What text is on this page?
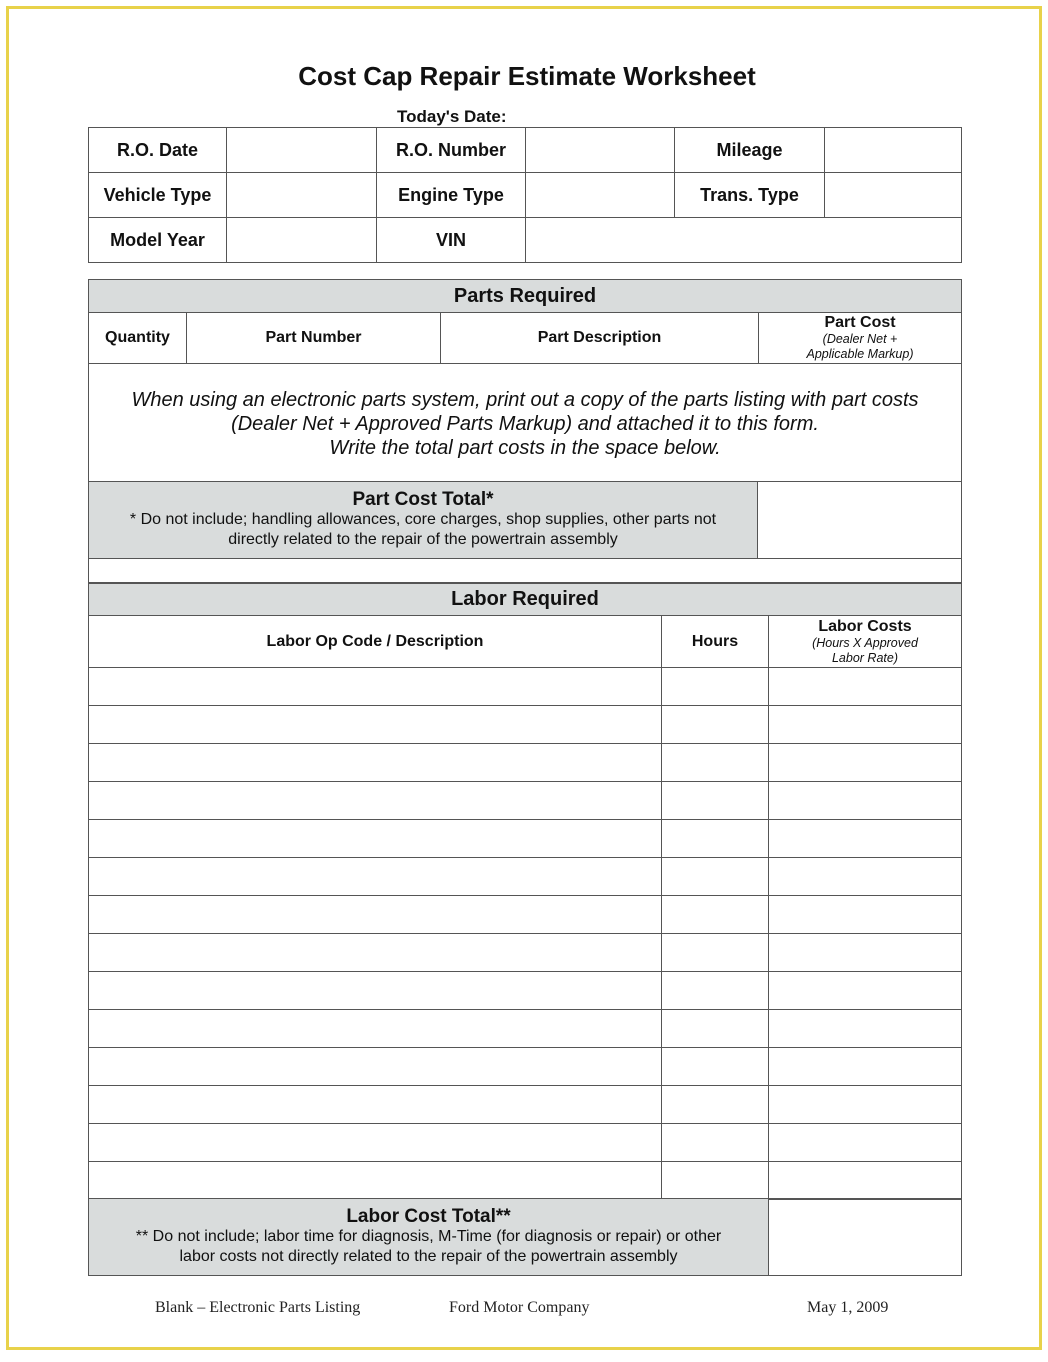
Cost Cap Repair Estimate Worksheet
Today's Date:
R.O. Date		R.O. Number		Mileage	
Vehicle Type		Engine Type		Trans. Type	
Model Year		VIN			
Parts Required
Quantity	Part Number	Part Description	Part Cost
(Dealer Net +
Applicable Markup)
When using an electronic parts system, print out a copy of the parts listing with part costs
(Dealer Net + Approved Parts Markup) and attached it to this form.
Write the total part costs in the space below.
Part Cost Total*
* Do not include; handling allowances, core charges, shop supplies, other parts not
directly related to the repair of the powertrain assembly

Labor Required
Labor Op Code / Description	Hours	Labor Costs
(Hours X Approved
Labor Rate)

Labor Cost Total**
** Do not include; labor time for diagnosis, M-Time (for diagnosis or repair) or other
labor costs not directly related to the repair of the powertrain assembly

Blank – Electronic Parts Listing	Ford Motor Company	May 1, 2009
